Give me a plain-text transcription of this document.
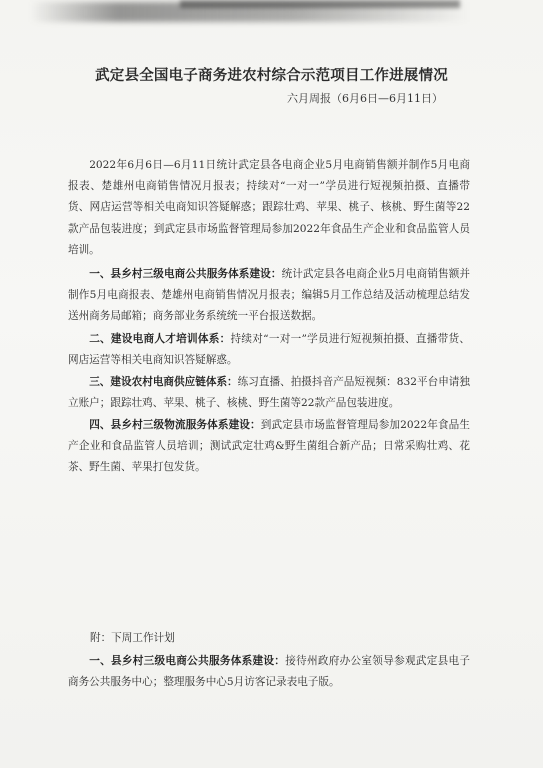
武定县全国电子商务进农村综合示范项目工作进展情况
六月周报（6月6日—6月11日）
2022年6月6日—6月11日统计武定县各电商企业5月电商销售额并制作5月电商报表、楚雄州电商销售情况月报表；持续对“一对一”学员进行短视频拍摄、直播带货、网店运营等相关电商知识答疑解惑；跟踪壮鸡、苹果、桃子、核桃、野生菌等22款产品包装进度；到武定县市场监督管理局参加2022年食品生产企业和食品监管人员培训。
一、县乡村三级电商公共服务体系建设：统计武定县各电商企业5月电商销售额并制作5月电商报表、楚雄州电商销售情况月报表；编辑5月工作总结及活动梳理总结发送州商务局邮箱；商务部业务系统统一平台报送数据。
二、建设电商人才培训体系：持续对“一对一”学员进行短视频拍摄、直播带货、网店运营等相关电商知识答疑解惑。
三、建设农村电商供应链体系：练习直播、拍摄抖音产品短视频：832平台申请独立账户；跟踪壮鸡、苹果、桃子、核桃、野生菌等22款产品包装进度。
四、县乡村三级物流服务体系建设：到武定县市场监督管理局参加2022年食品生产企业和食品监管人员培训；测试武定壮鸡&野生菌组合新产品；日常采购壮鸡、花茶、野生菌、苹果打包发货。
附：下周工作计划
一、县乡村三级电商公共服务体系建设：接待州政府办公室领导参观武定县电子商务公共服务中心；整理服务中心5月访客记录表电子版。
